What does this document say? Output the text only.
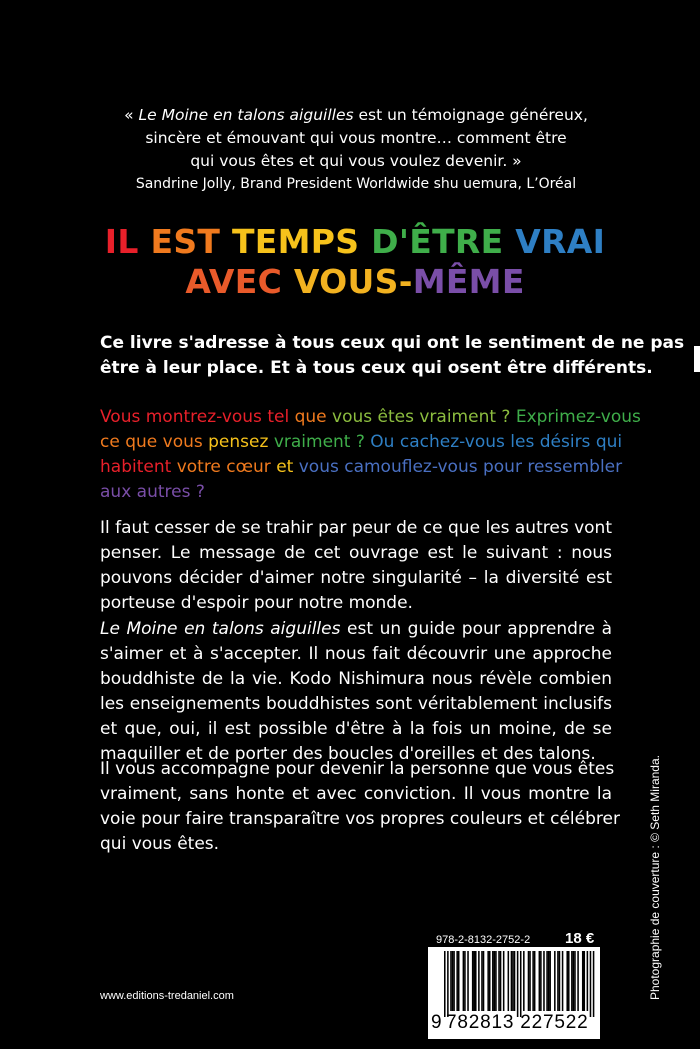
« Le Moine en talons aiguilles est un témoignage généreux,
sincère et émouvant qui vous montre… comment être
qui vous êtes et qui vous voulez devenir. »
Sandrine Jolly, Brand President Worldwide shu uemura, L’Oréal
IL EST TEMPS D'ÊTRE VRAI
AVEC VOUS-MÊME
Ce livre s'adresse à tous ceux qui ont le sentiment de ne pas
être à leur place. Et à tous ceux qui osent être différents.
Vous montrez-vous tel que vous êtes vraiment ? Exprimez-vous
ce que vous pensez vraiment ? Ou cachez-vous les désirs qui
habitent votre cœur et vous camouflez-vous pour ressembler
aux autres ?
Il faut cesser de se trahir par peur de ce que les autres vont
penser. Le message de cet ouvrage est le suivant : nous
pouvons décider d'aimer notre singularité – la diversité est
porteuse d'espoir pour notre monde.
Le Moine en talons aiguilles est un guide pour apprendre à
s'aimer et à s'accepter. Il nous fait découvrir une approche
bouddhiste de la vie. Kodo Nishimura nous révèle combien
les enseignements bouddhistes sont véritablement inclusifs
et que, oui, il est possible d'être à la fois un moine, de se
maquiller et de porter des boucles d'oreilles et des talons.
Il vous accompagne pour devenir la personne que vous êtes
vraiment, sans honte et avec conviction. Il vous montre la
voie pour faire transparaître vos propres couleurs et célébrer
qui vous êtes.	Photographie de couverture : © Seth Miranda.
www.editions-tredaniel.com
978-2-8132-2752-2 18 €
9 782813 227522
